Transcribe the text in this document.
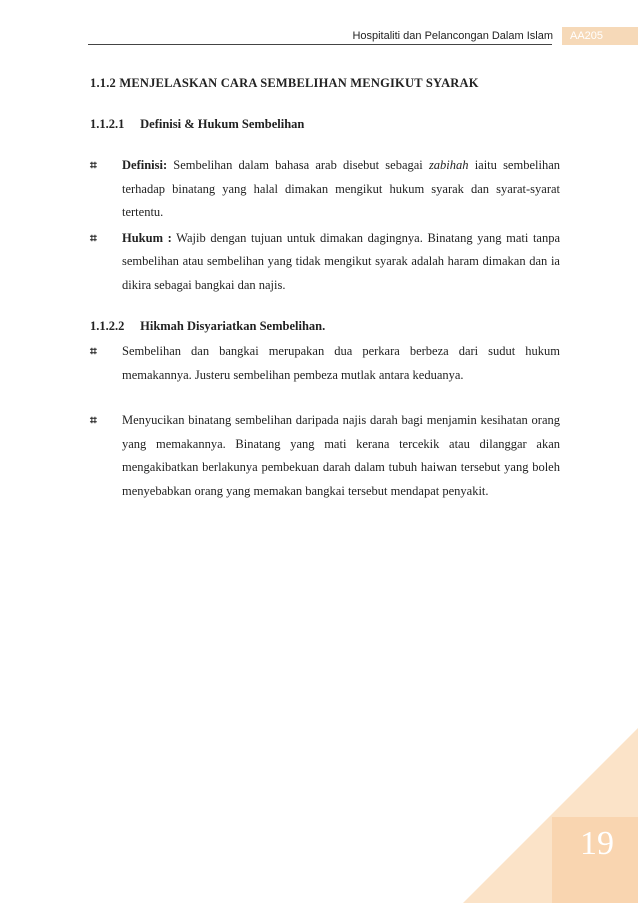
Hospitaliti dan Pelancongan Dalam Islam	AA205
1.1.2 MENJELASKAN CARA SEMBELIHAN MENGIKUT SYARAK
1.1.2.1 Definisi & Hukum Sembelihan
⌗ Definisi: Sembelihan dalam bahasa arab disebut sebagai zabihah iaitu sembelihan terhadap binatang yang halal dimakan mengikut hukum syarak dan syarat-syarat tertentu.
⌗ Hukum : Wajib dengan tujuan untuk dimakan dagingnya. Binatang yang mati tanpa sembelihan atau sembelihan yang tidak mengikut syarak adalah haram dimakan dan ia dikira sebagai bangkai dan najis.
1.1.2.2 Hikmah Disyariatkan Sembelihan.
⌗ Sembelihan dan bangkai merupakan dua perkara berbeza dari sudut hukum memakannya. Justeru sembelihan pembeza mutlak antara keduanya.
⌗ Menyucikan binatang sembelihan daripada najis darah bagi menjamin kesihatan orang yang memakannya. Binatang yang mati kerana tercekik atau dilanggar akan mengakibatkan berlakunya pembekuan darah dalam tubuh haiwan tersebut yang boleh menyebabkan orang yang memakan bangkai tersebut mendapat penyakit.
19
